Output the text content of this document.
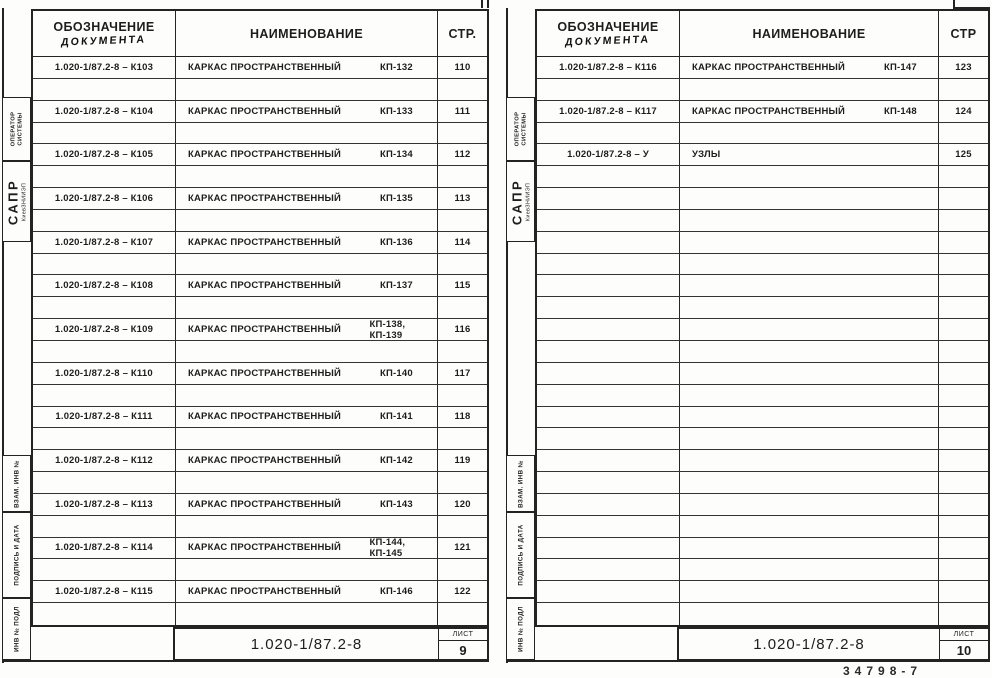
ОПЕРАТОР СИСТЕМЫ
САПР КиевЗНИИЭП
ВЗАМ. ИНВ №
ПОДПИСЬ И ДАТА
ИНВ № ПОДЛ
ОБОЗНАЧЕНИЕ
ДОКУМЕНТА	НАИМЕНОВАНИЕ	СТР.
1.020-1/87.2-8 – К103	КАРКАС ПРОСТРАНСТВЕННЫЙ	КП-132	110
1.020-1/87.2-8 – К104	КАРКАС ПРОСТРАНСТВЕННЫЙ	КП-133	111
1.020-1/87.2-8 – К105	КАРКАС ПРОСТРАНСТВЕННЫЙ	КП-134	112
1.020-1/87.2-8 – К106	КАРКАС ПРОСТРАНСТВЕННЫЙ	КП-135	113
1.020-1/87.2-8 – К107	КАРКАС ПРОСТРАНСТВЕННЫЙ	КП-136	114
1.020-1/87.2-8 – К108	КАРКАС ПРОСТРАНСТВЕННЫЙ	КП-137	115
1.020-1/87.2-8 – К109	КАРКАС ПРОСТРАНСТВЕННЫЙ	КП-138, КП-139	116
1.020-1/87.2-8 – К110	КАРКАС ПРОСТРАНСТВЕННЫЙ	КП-140	117
1.020-1/87.2-8 – К111	КАРКАС ПРОСТРАНСТВЕННЫЙ	КП-141	118
1.020-1/87.2-8 – К112	КАРКАС ПРОСТРАНСТВЕННЫЙ	КП-142	119
1.020-1/87.2-8 – К113	КАРКАС ПРОСТРАНСТВЕННЫЙ	КП-143	120
1.020-1/87.2-8 – К114	КАРКАС ПРОСТРАНСТВЕННЫЙ	КП-144, КП-145	121
1.020-1/87.2-8 – К115	КАРКАС ПРОСТРАНСТВЕННЫЙ	КП-146	122
1.020-1/87.2-8
ЛИСТ
9
ОПЕРАТОР СИСТЕМЫ
САПР КиевЗНИИЭП
ВЗАМ. ИНВ №
ПОДПИСЬ И ДАТА
ИНВ № ПОДЛ
ОБОЗНАЧЕНИЕ
ДОКУМЕНТА	НАИМЕНОВАНИЕ	СТР
1.020-1/87.2-8 – К116	КАРКАС ПРОСТРАНСТВЕННЫЙ	КП-147	123
1.020-1/87.2-8 – К117	КАРКАС ПРОСТРАНСТВЕННЫЙ	КП-148	124
1.020-1/87.2-8 – У	УЗЛЫ	125
1.020-1/87.2-8
ЛИСТ
10
34798-7
